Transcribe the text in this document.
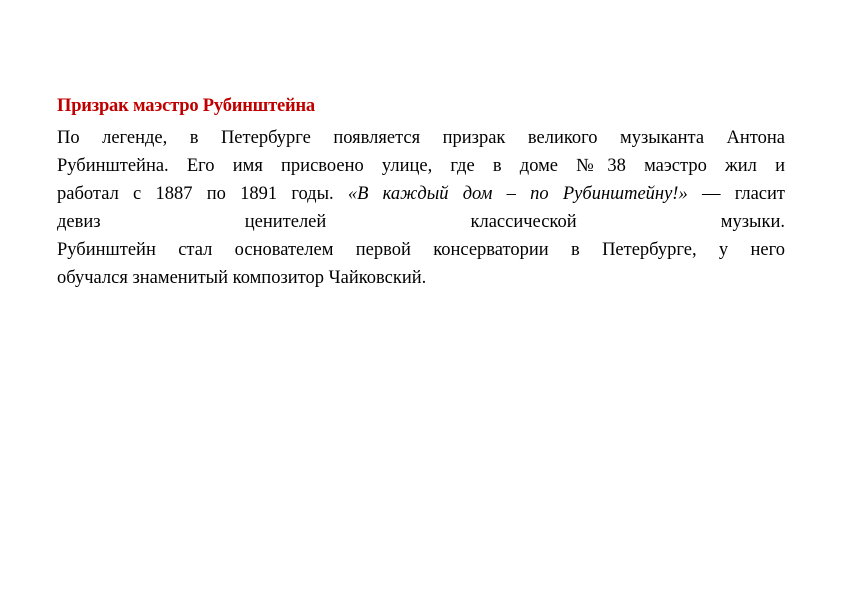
Призрак маэстро Рубинштейна
По легенде, в Петербурге появляется призрак великого музыканта Антона
Рубинштейна. Его имя присвоено улице, где в доме №38 маэстро жил и
работал с 1887 по 1891 годы. «В каждый дом – по Рубинштейну!» — гласит
девиз ценителей классической музыки.
Рубинштейн стал основателем первой консерватории в Петербурге, у него
обучался знаменитый композитор Чайковский.
